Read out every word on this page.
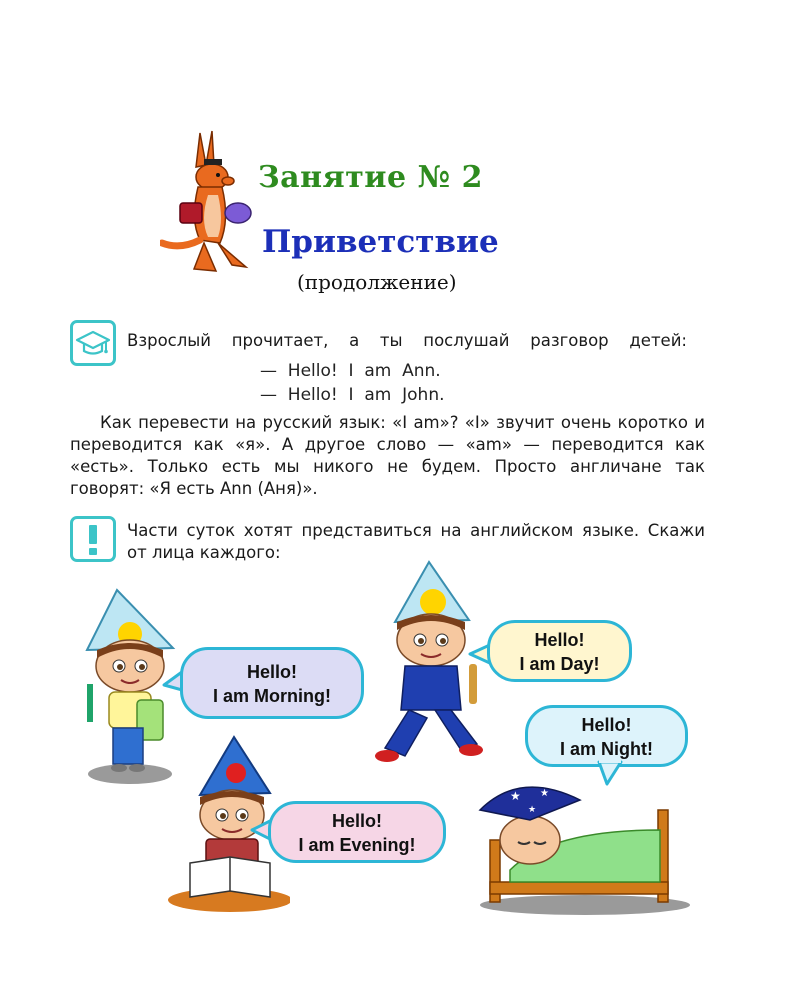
Занятие № 2
Приветствие
(продолжение)
Взрослый прочитает, а ты послушай разговор детей:
—  Hello!  I  am  Ann.
—  Hello!  I  am  John.

Как перевести на русский язык: «I am»? «I» звучит очень коротко и переводится как «я». А другое слово — «am» — переводится как «есть». Только есть мы никого не будем. Просто англичане так говорят: «Я есть Ann (Аня)».

Части суток хотят представиться на английском языке. Скажи от лица каждого:
Hello!
I am Morning!
Hello!
I am Day!
Hello!
I am Night!
★ ★
★
Hello!
I am Evening!
